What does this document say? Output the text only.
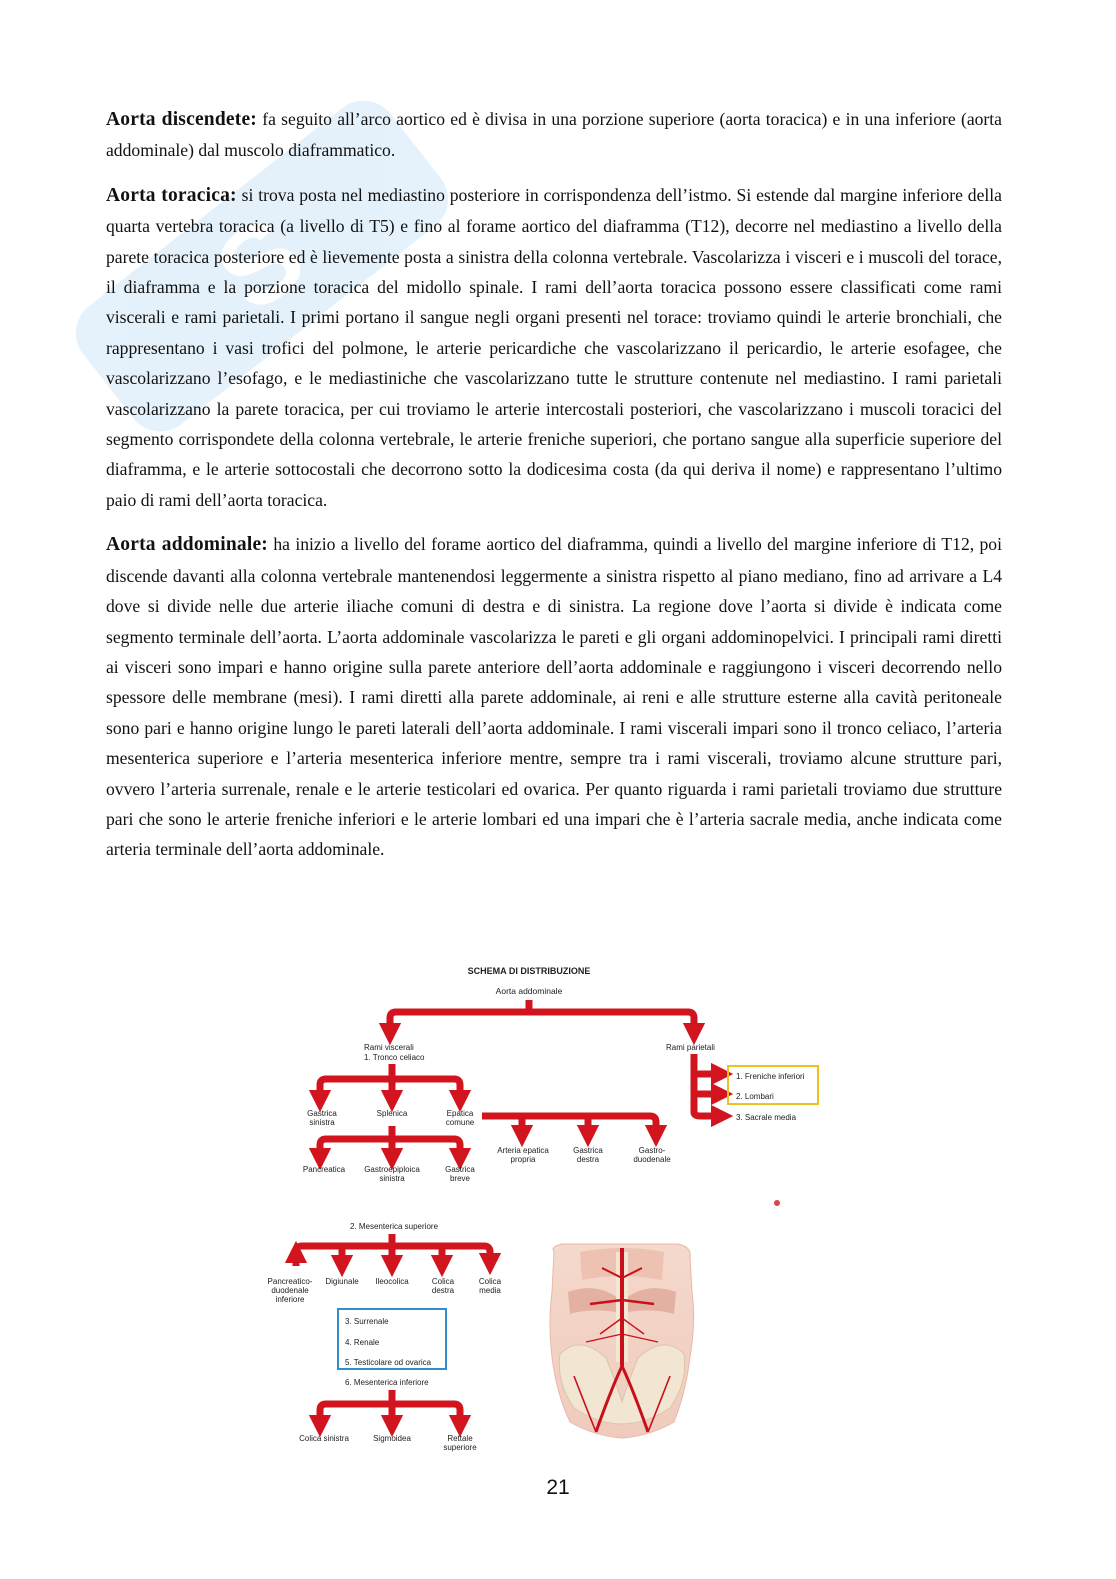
S

Aorta discendete: fa seguito all’arco aortico ed è divisa in una porzione superiore (aorta toracica) e in una inferiore (aorta addominale) dal muscolo diaframmatico.

Aorta toracica: si trova posta nel mediastino posteriore in corrispondenza dell’istmo. Si estende dal margine inferiore della quarta vertebra toracica (a livello di T5) e fino al forame aortico del diaframma (T12), decorre nel mediastino a livello della parete toracica posteriore ed è lievemente posta a sinistra della colonna vertebrale. Vascolarizza i visceri e i muscoli del torace, il diaframma e la porzione toracica del midollo spinale. I rami dell’aorta toracica possono essere classificati come rami viscerali e rami parietali. I primi portano il sangue negli organi presenti nel torace: troviamo quindi le arterie bronchiali, che rappresentano i vasi trofici del polmone, le arterie pericardiche che vascolarizzano il pericardio, le arterie esofagee, che vascolarizzano l’esofago, e le mediastiniche che vascolarizzano tutte le strutture contenute nel mediastino. I rami parietali vascolarizzano la parete toracica, per cui troviamo le arterie intercostali posteriori, che vascolarizzano i muscoli toracici del segmento corrispondete della colonna vertebrale, le arterie freniche superiori, che portano sangue alla superficie superiore del diaframma, e le arterie sottocostali che decorrono sotto la dodicesima costa (da qui deriva il nome) e rappresentano l’ultimo paio di rami dell’aorta toracica.

Aorta addominale: ha inizio a livello del forame aortico del diaframma, quindi a livello del margine inferiore di T12, poi discende davanti alla colonna vertebrale mantenendosi leggermente a sinistra rispetto al piano mediano, fino ad arrivare a L4 dove si divide nelle due arterie iliache comuni di destra e di sinistra. La regione dove l’aorta si divide è indicata come segmento terminale dell’aorta. L’aorta addominale vascolarizza le pareti e gli organi addominopelvici. I principali rami diretti ai visceri sono impari e hanno origine sulla parete anteriore dell’aorta addominale e raggiungono i visceri decorrendo nello spessore delle membrane (mesi). I rami diretti alla parete addominale, ai reni e alle strutture esterne alla cavità peritoneale sono pari e hanno origine lungo le pareti laterali dell’aorta addominale. I rami viscerali impari sono il tronco celiaco, l’arteria mesenterica superiore e l’arteria mesenterica inferiore mentre, sempre tra i rami viscerali, troviamo alcune strutture pari, ovvero l’arteria surrenale, renale e le arterie testicolari ed ovarica. Per quanto riguarda i rami parietali troviamo due strutture pari che sono le arterie freniche inferiori e le arterie lombari ed una impari che è l’arteria sacrale media, anche indicata come arteria terminale dell’aorta addominale.

SCHEMA DI DISTRIBUZIONE
Aorta addominale
Rami viscerali
1. Tronco celiaco
Rami parietali
1. Freniche inferiori
2. Lombari
3. Sacrale media
Gastrica sinistra
Splenica	Epatica comune
Pancreatica Gastroepiploica sinistra
Gastrica breve
Arteria epatica propria
Gastrica destra
Gastro-duodenale
2. Mesenterica superiore
Pancreatico-duodenale inferiore
Digiunale Ileocolica	Colica destra
Colica media
3. Surrenale
4. Renale
5. Testicolare od ovarica
6. Mesenterica inferiore
Colica sinistra	Sigmoidea	Rettale superiore
21
